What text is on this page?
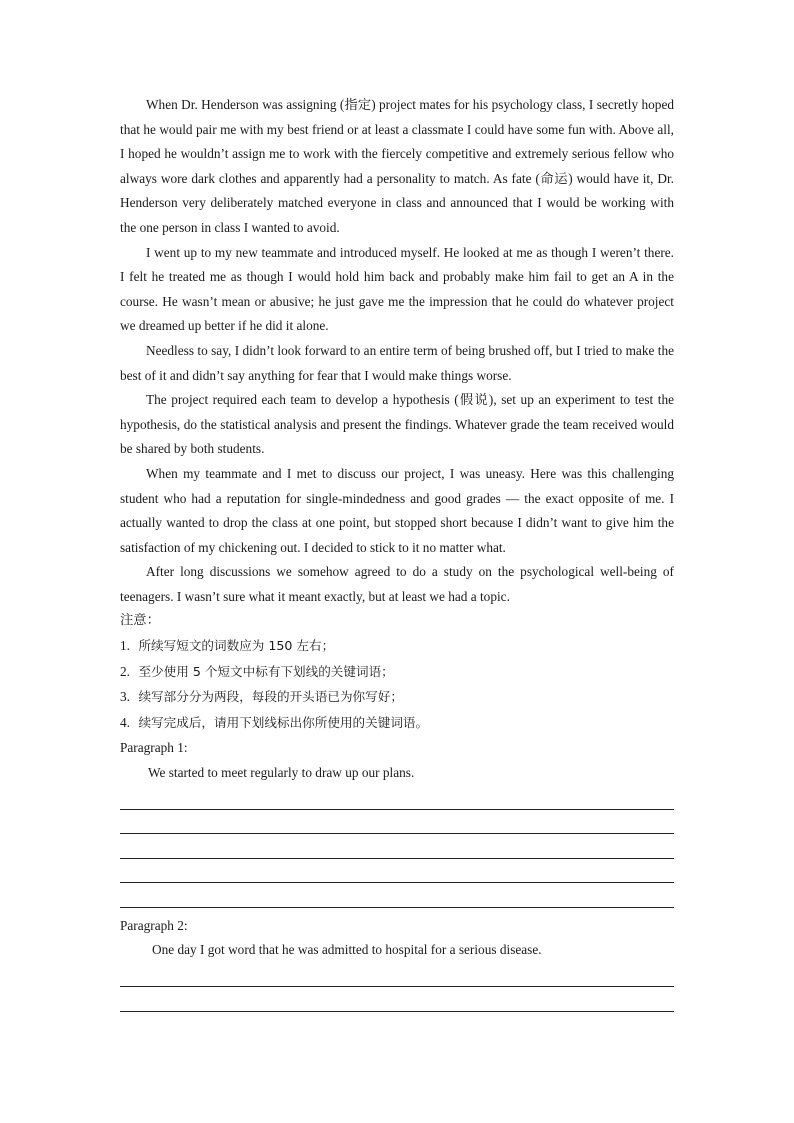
When Dr. Henderson was assigning (指定) project mates for his psychology class, I secretly hoped that he would pair me with my best friend or at least a classmate I could have some fun with. Above all, I hoped he wouldn’t assign me to work with the fiercely competitive and extremely serious fellow who always wore dark clothes and apparently had a personality to match. As fate (命运) would have it, Dr. Henderson very deliberately matched everyone in class and announced that I would be working with the one person in class I wanted to avoid.

I went up to my new teammate and introduced myself. He looked at me as though I weren’t there. I felt he treated me as though I would hold him back and probably make him fail to get an A in the course. He wasn’t mean or abusive; he just gave me the impression that he could do whatever project we dreamed up better if he did it alone.

Needless to say, I didn’t look forward to an entire term of being brushed off, but I tried to make the best of it and didn’t say anything for fear that I would make things worse.

The project required each team to develop a hypothesis (假说), set up an experiment to test the hypothesis, do the statistical analysis and present the findings. Whatever grade the team received would be shared by both students.

When my teammate and I met to discuss our project, I was uneasy. Here was this challenging student who had a reputation for single-mindedness and good grades — the exact opposite of me. I actually wanted to drop the class at one point, but stopped short because I didn’t want to give him the satisfaction of my chickening out. I decided to stick to it no matter what.

After long discussions we somehow agreed to do a study on the psychological well-being of teenagers. I wasn’t sure what it meant exactly, but at least we had a topic.

注意：

1. 所续写短文的词数应为 150 左右；

2. 至少使用 5 个短文中标有下划线的关键词语；

3. 续写部分分为两段，每段的开头语已为你写好；

4. 续写完成后，请用下划线标出你所使用的关键词语。

Paragraph 1:

We started to meet regularly to draw up our plans.

Paragraph 2:

One day I got word that he was admitted to hospital for a serious disease.
